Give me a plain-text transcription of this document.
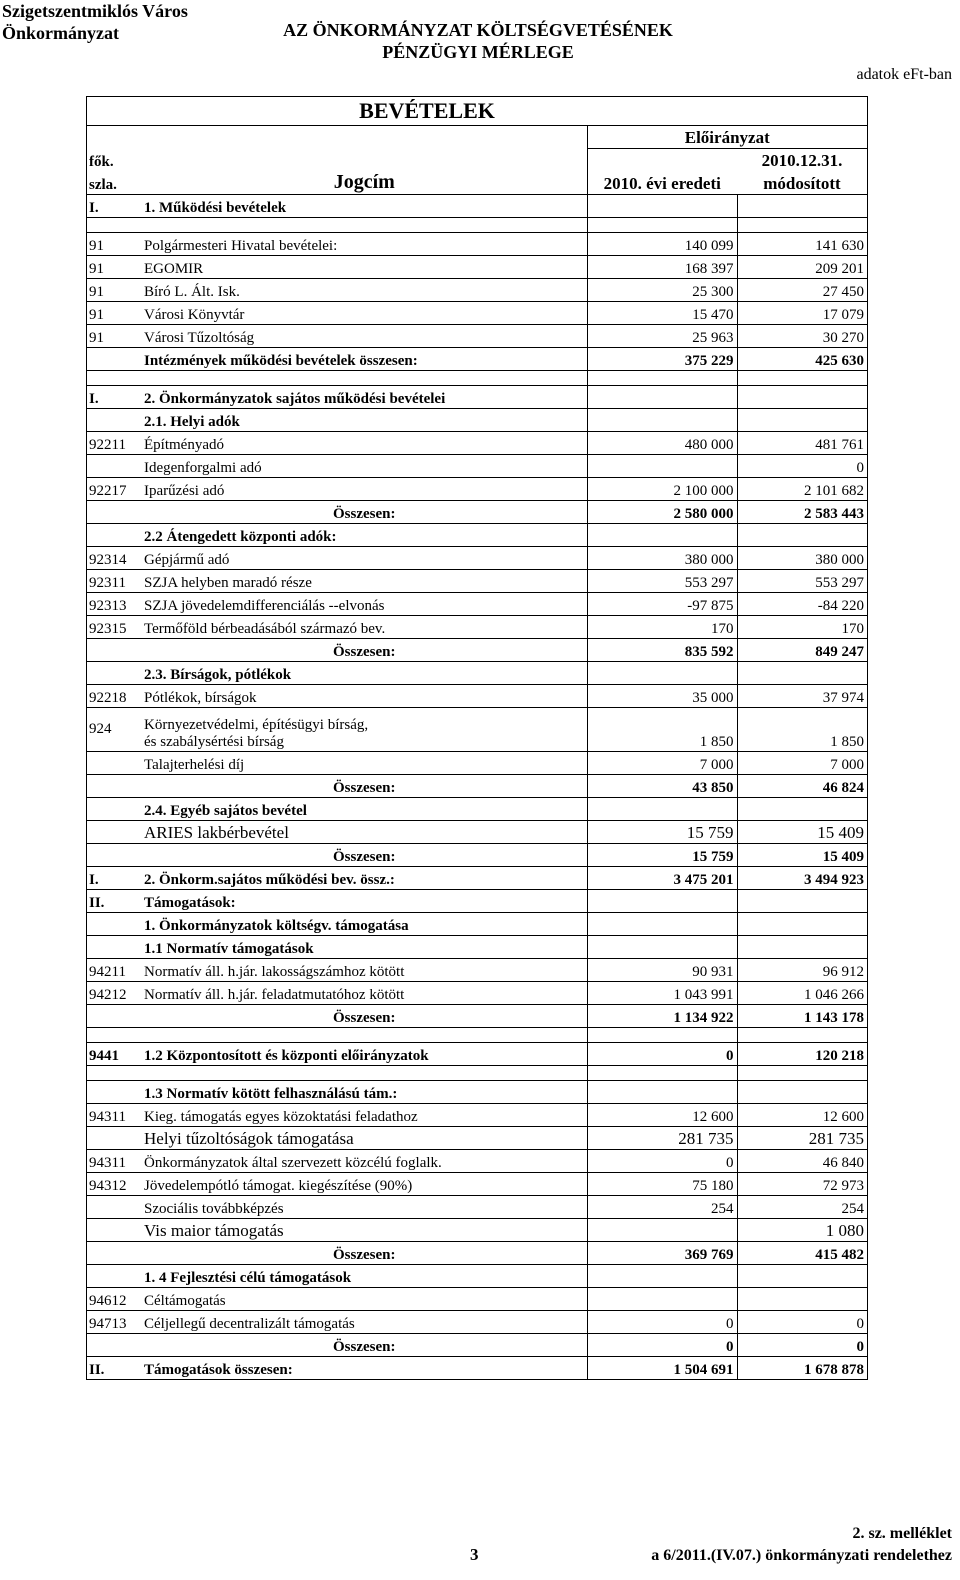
Szigetszentmiklós Város
Önkormányzat	AZ ÖNKORMÁNYZAT KÖLTSÉGVETÉSÉNEK
PÉNZÜGYI MÉRLEGE
adatok eFt-ban
BEVÉTELEK
		Előirányzat	
fők.			2010.12.31.
szla.	Jogcím	2010. évi eredeti	módosított
I.	1. Működési bevételek		

91	Polgármesteri Hivatal bevételei:	140 099	141 630
91	EGOMIR	168 397	209 201
91	Bíró L. Ált. Isk.	25 300	27 450
91	Városi Könyvtár	15 470	17 079
91	Városi Tűzoltóság	25 963	30 270
	Intézmények működési bevételek összesen:	375 229	425 630

I.	2. Önkormányzatok sajátos működési bevételei		
	2.1. Helyi adók		
92211	Építményadó	480 000	481 761
	Idegenforgalmi adó		0
92217	Iparűzési adó	2 100 000	2 101 682
	Összesen:	2 580 000	2 583 443
	2.2 Átengedett központi adók:		
92314	Gépjármű adó	380 000	380 000
92311	SZJA helyben maradó része	553 297	553 297
92313	SZJA jövedelemdifferenciálás --elvonás	-97 875	-84 220
92315	Termőföld bérbeadásából származó bev.	170	170
	Összesen:	835 592	849 247
	2.3. Bírságok, pótlékok		
92218	Pótlékok, bírságok	35 000	37 974
924	Környezetvédelmi, építésügyi bírság,
és szabálysértési bírság	1 850	1 850
	Talajterhelési díj	7 000	7 000
	Összesen:	43 850	46 824
	2.4. Egyéb sajátos bevétel		
	ARIES lakbérbevétel	15 759	15 409
	Összesen:	15 759	15 409
I.	2. Önkorm.sajátos működési bev. össz.:	3 475 201	3 494 923
II.	Támogatások:		
	1. Önkormányzatok költségv. támogatása		
	1.1 Normatív támogatások		
94211	Normatív áll. h.jár. lakosságszámhoz kötött	90 931	96 912
94212	Normatív áll. h.jár. feladatmutatóhoz kötött	1 043 991	1 046 266
	Összesen:	1 134 922	1 143 178

9441	1.2 Központosított és központi előirányzatok	0	120 218

	1.3 Normatív kötött felhasználású tám.:		
94311	Kieg. támogatás egyes közoktatási feladathoz	12 600	12 600
	Helyi tűzoltóságok támogatása	281 735	281 735
94311	Önkormányzatok által szervezett közcélú foglalk.	0	46 840
94312	Jövedelempótló támogat. kiegészítése (90%)	75 180	72 973
	Szociális továbbképzés	254	254
	Vis maior támogatás		1 080
	Összesen:	369 769	415 482
	1. 4 Fejlesztési célú támogatások		
94612	Céltámogatás		
94713	Céljellegű decentralizált támogatás	0	0
	Összesen:	0	0
II.	Támogatások összesen:	1 504 691	1 678 878
3
2. sz. melléklet
a 6/2011.(IV.07.) önkormányzati rendelethez
